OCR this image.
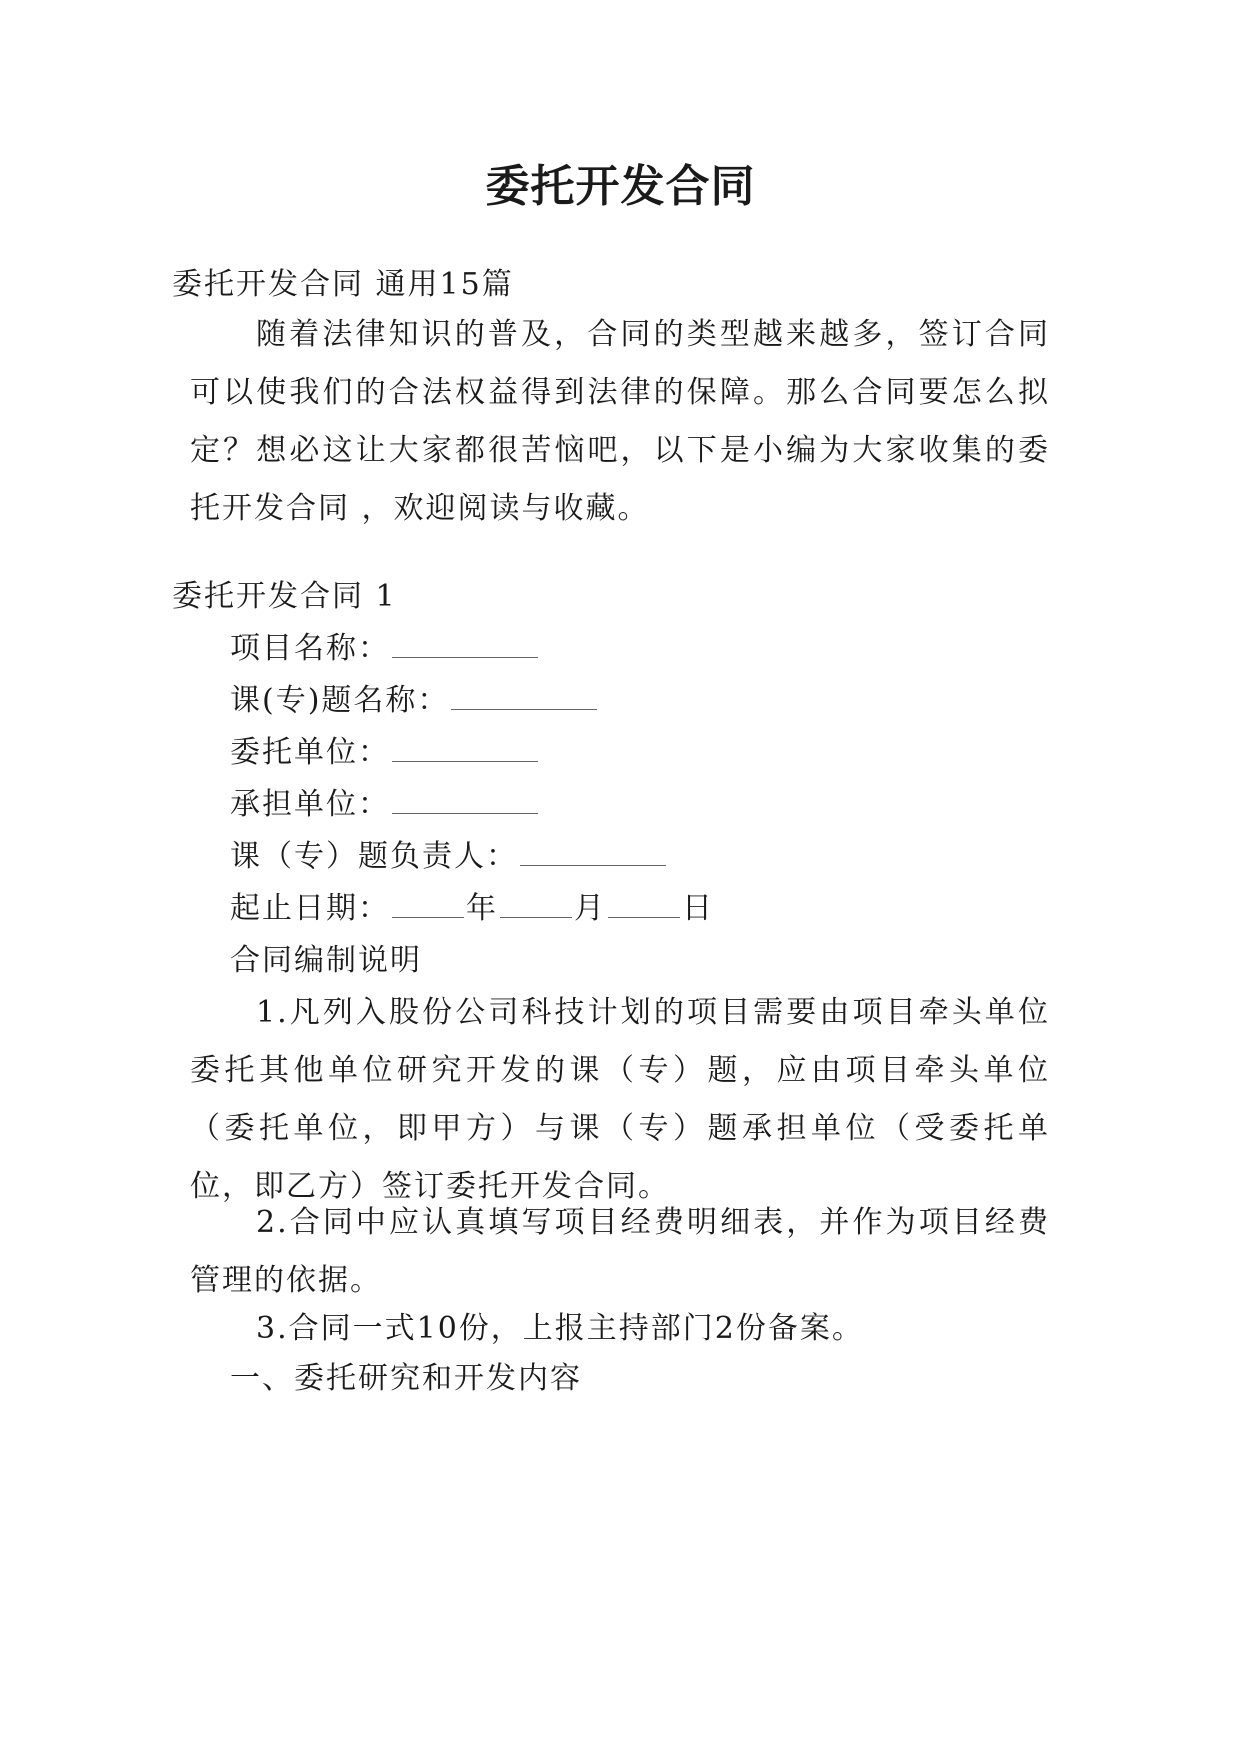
委托开发合同
委托开发合同 通用15篇
随着法律知识的普及，合同的类型越来越多，签订合同可以使我们的合法权益得到法律的保障。那么合同要怎么拟定？想必这让大家都很苦恼吧，以下是小编为大家收集的委托开发合同 ，欢迎阅读与收藏。
委托开发合同 1
项目名称：
课(专)题名称：
委托单位：
承担单位：
课（专）题负责人：
起止日期：	年	月	日
合同编制说明
1.凡列入股份公司科技计划的项目需要由项目牵头单位委托其他单位研究开发的课（专）题，应由项目牵头单位（委托单位，即甲方）与课（专）题承担单位（受委托单位，即乙方）签订委托开发合同。
2.合同中应认真填写项目经费明细表，并作为项目经费管理的依据。
3.合同一式10份，上报主持部门2份备案。
一、委托研究和开发内容
